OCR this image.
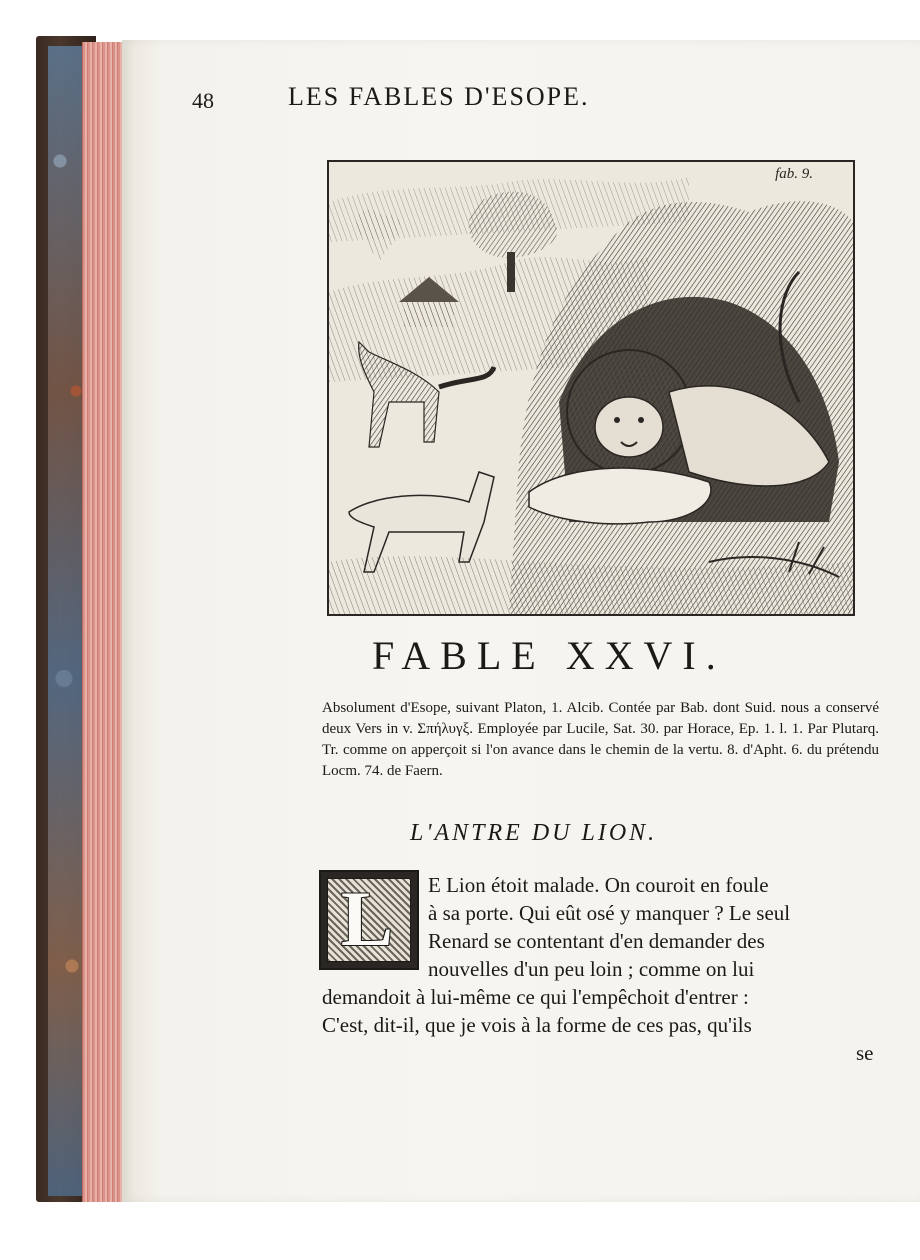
48	LES FABLES D'ESOPE.
fab. 9.
FABLE XXVI.
Absolument d'Esope, suivant Platon, 1. Alcib. Contée par Bab. dont Suid. nous a conservé deux Vers in v. Σπήλυγξ. Employée par Lucile, Sat. 30. par Horace, Ep. 1. l. 1. Par Plutarq. Tr. comme on apperçoit si l'on avance dans le chemin de la vertu. 8. d'Apht. 6. du prétendu Locm. 74. de Faern.
L'ANTRE DU LION.
L E Lion étoit malade. On couroit en foule
à sa porte. Qui eût osé y manquer ? Le seul
Renard se contentant d'en demander des
nouvelles d'un peu loin ; comme on lui
demandoit à lui-même ce qui l'empêchoit d'entrer :
C'est, dit-il, que je vois à la forme de ces pas, qu'ils
se
